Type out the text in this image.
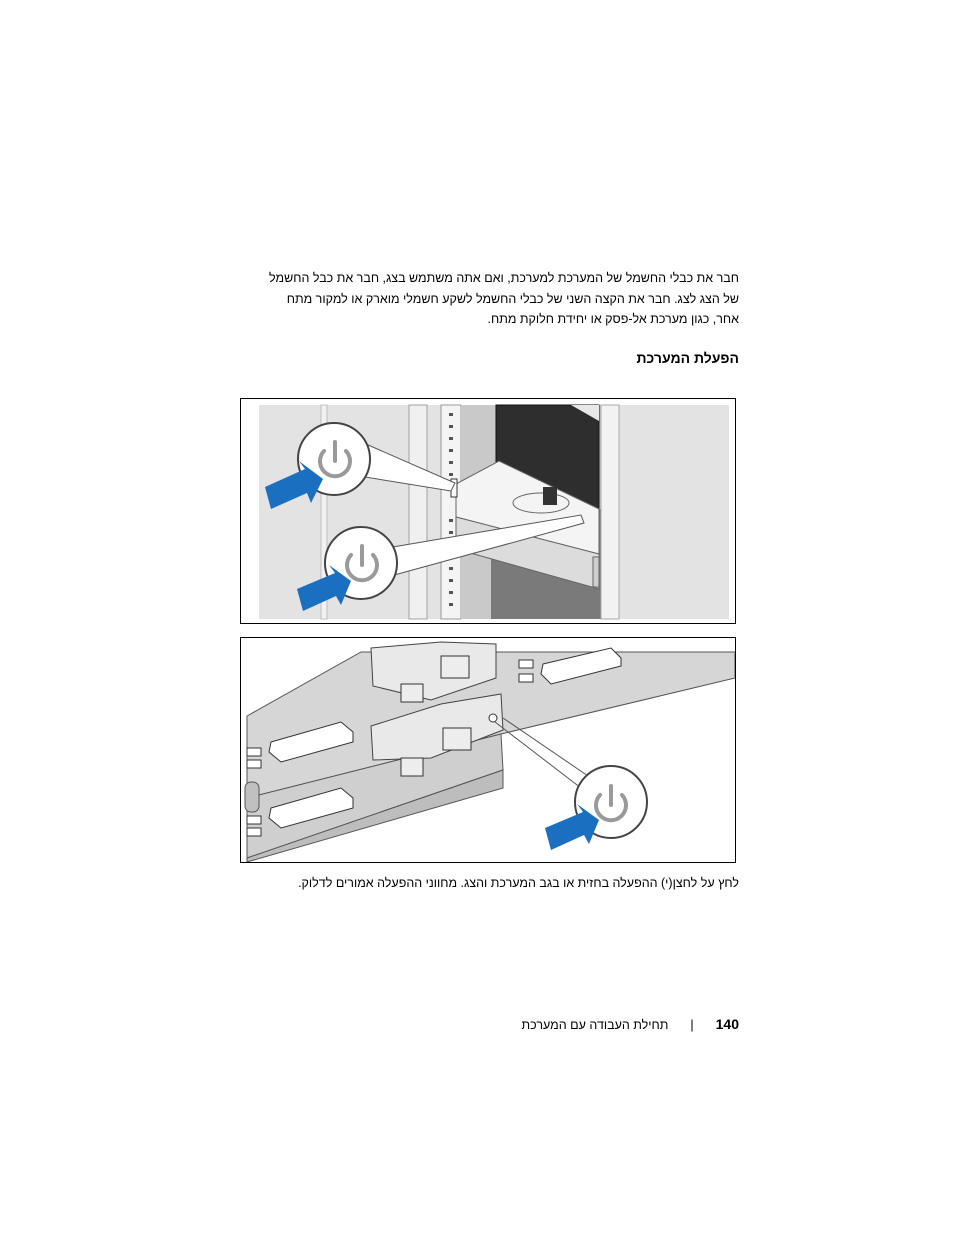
חבר את כבלי החשמל של המערכת למערכת, ואם אתה משתמש בצג, חבר את כבל החשמל
של הצג לצג. חבר את הקצה השני של כבלי החשמל לשקע חשמלי מוארק או למקור מתח
אחר, כגון מערכת אל-פסק או יחידת חלוקת מתח.
הפעלת המערכת
לחץ על לחצן(י) ההפעלה בחזית או בגב המערכת והצג. מחווני ההפעלה אמורים לדלוק.
140
|
תחילת העבודה עם המערכת
